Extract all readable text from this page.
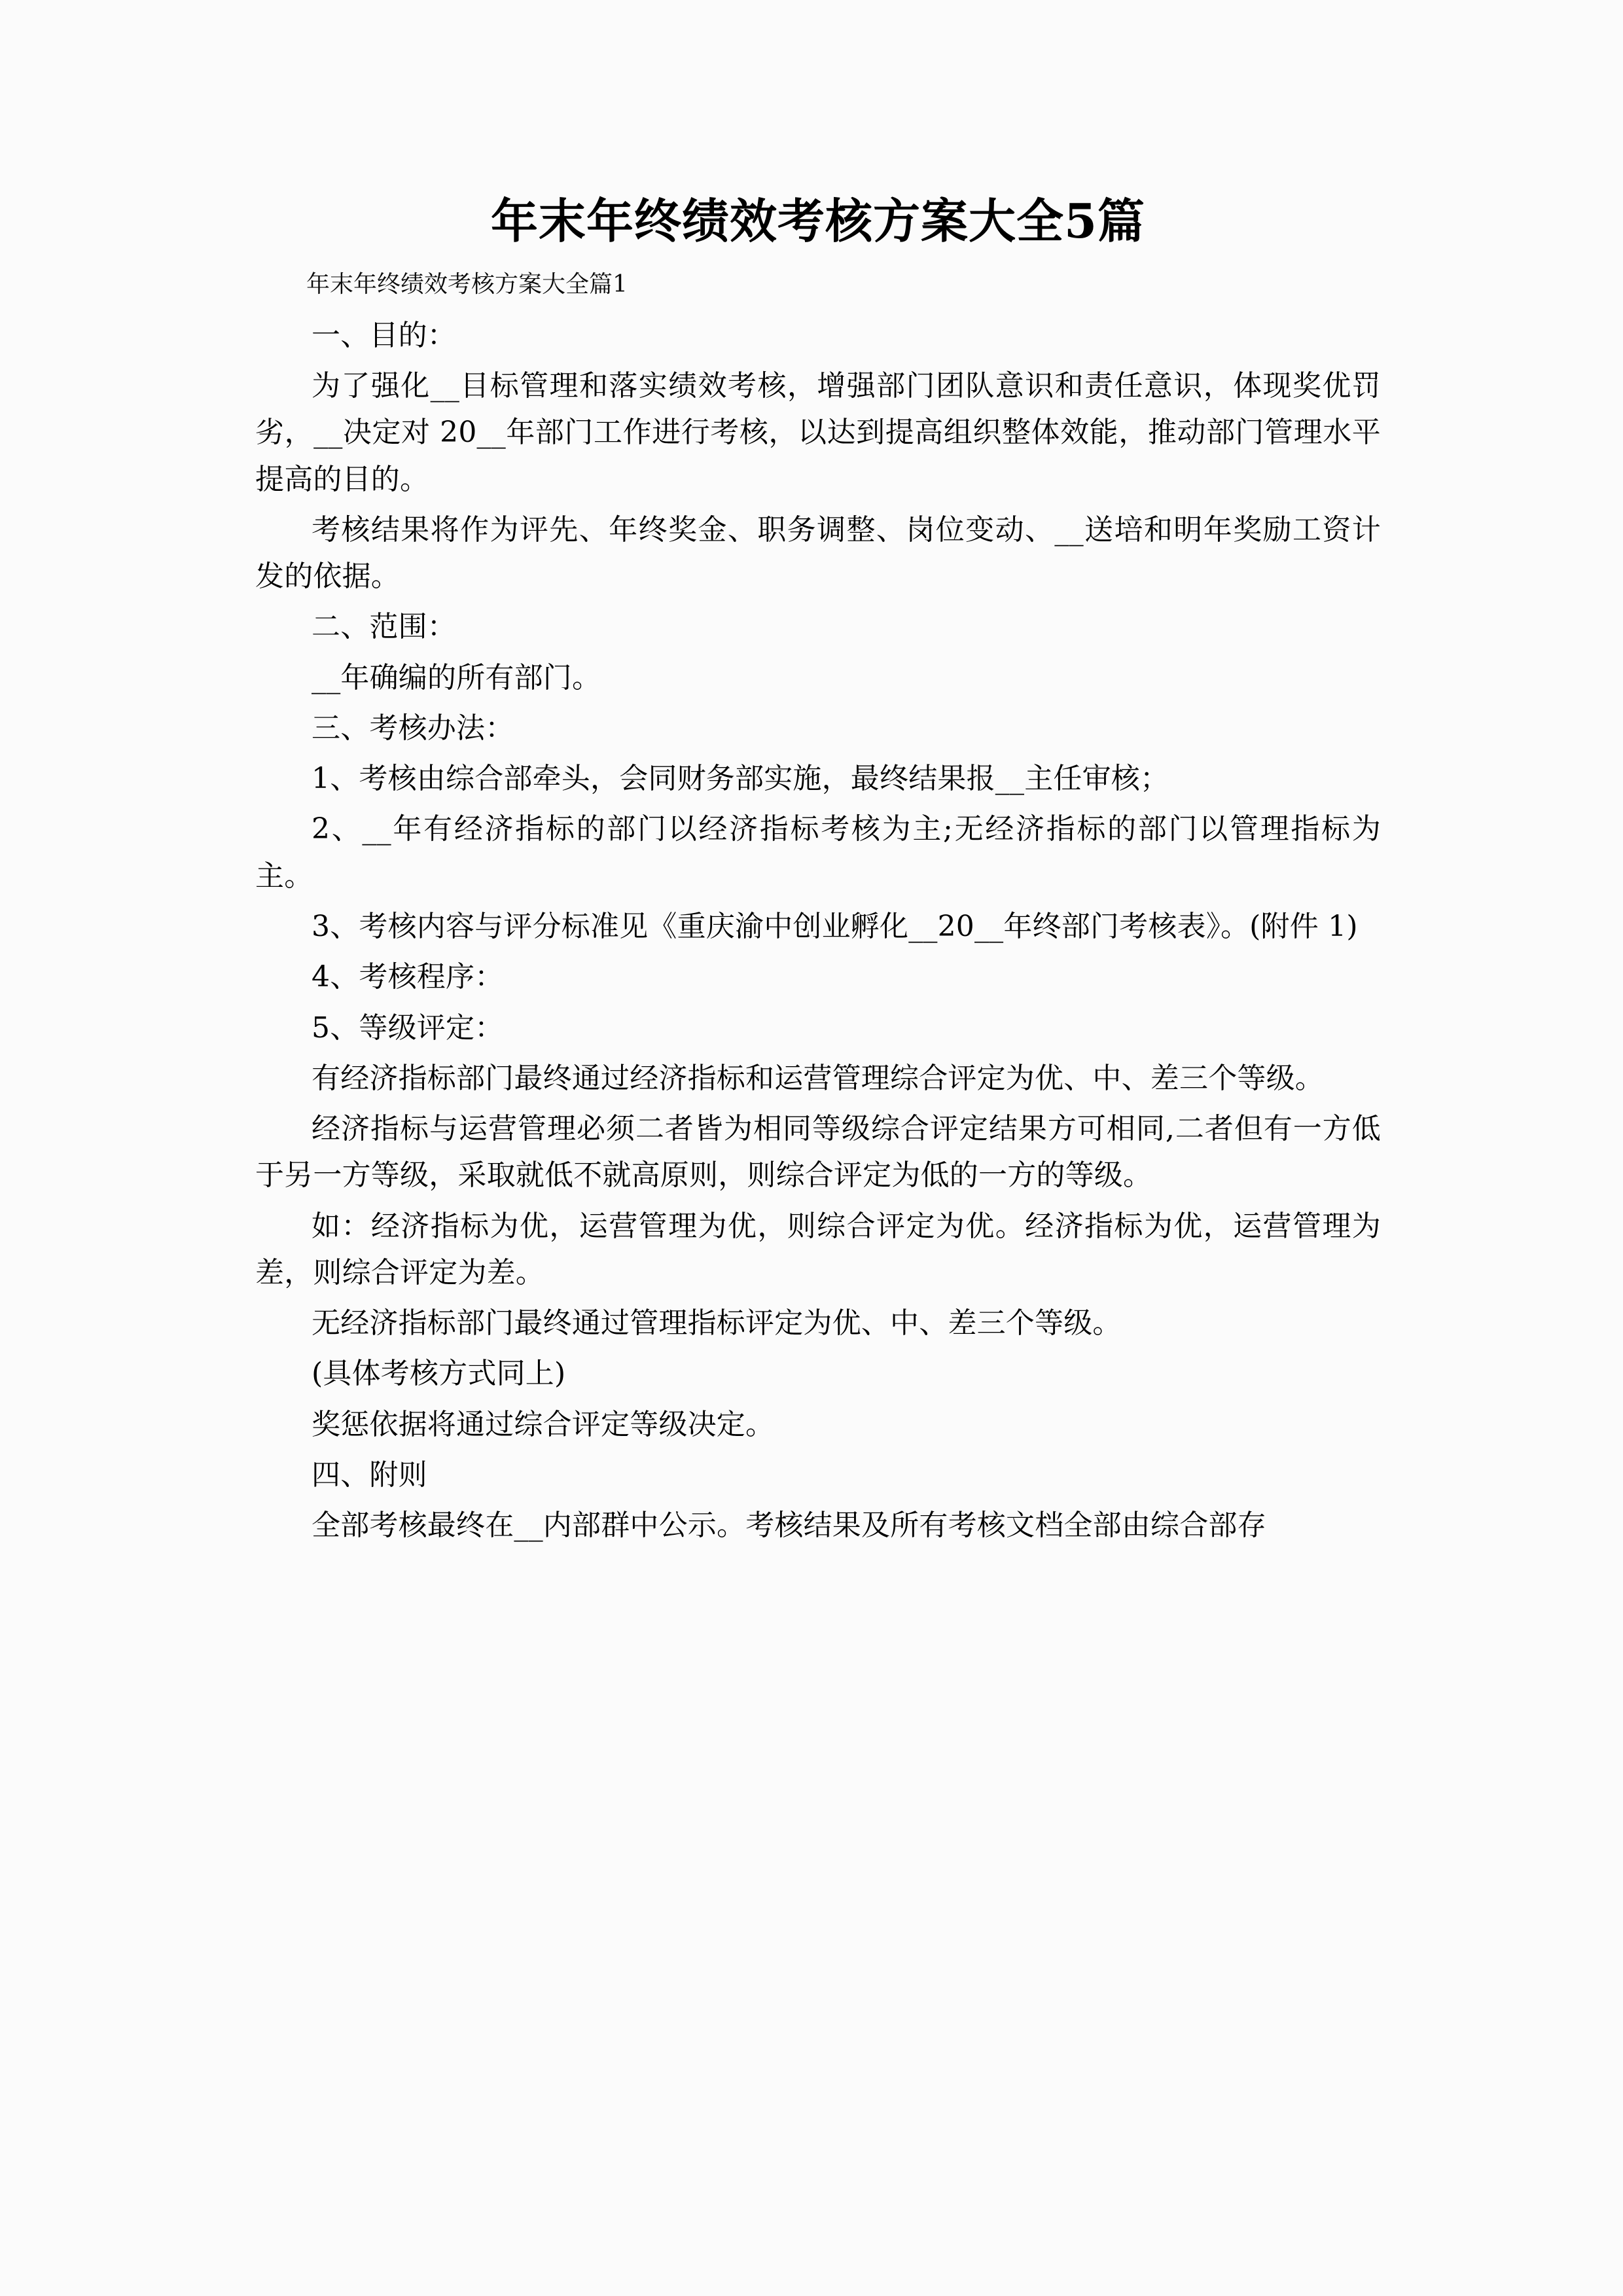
年末年终绩效考核方案大全5篇
年末年终绩效考核方案大全篇1

一、目的：

为了强化__目标管理和落实绩效考核，增强部门团队意识和责任意识，体现奖优罚劣，__决定对 20__年部门工作进行考核，以达到提高组织整体效能，推动部门管理水平提高的目的。

考核结果将作为评先、年终奖金、职务调整、岗位变动、__送培和明年奖励工资计发的依据。

二、范围：

__年确编的所有部门。

三、考核办法：

1、考核由综合部牵头，会同财务部实施，最终结果报__主任审核；

2、__年有经济指标的部门以经济指标考核为主;无经济指标的部门以管理指标为主。

3、考核内容与评分标准见《重庆渝中创业孵化__20__年终部门考核表》。(附件 1)

4、考核程序：

5、等级评定：

有经济指标部门最终通过经济指标和运营管理综合评定为优、中、差三个等级。

经济指标与运营管理必须二者皆为相同等级综合评定结果方可相同,二者但有一方低于另一方等级，采取就低不就高原则，则综合评定为低的一方的等级。

如：经济指标为优，运营管理为优，则综合评定为优。经济指标为优，运营管理为差，则综合评定为差。

无经济指标部门最终通过管理指标评定为优、中、差三个等级。

(具体考核方式同上)

奖惩依据将通过综合评定等级决定。

四、附则

全部考核最终在__内部群中公示。考核结果及所有考核文档全部由综合部存
